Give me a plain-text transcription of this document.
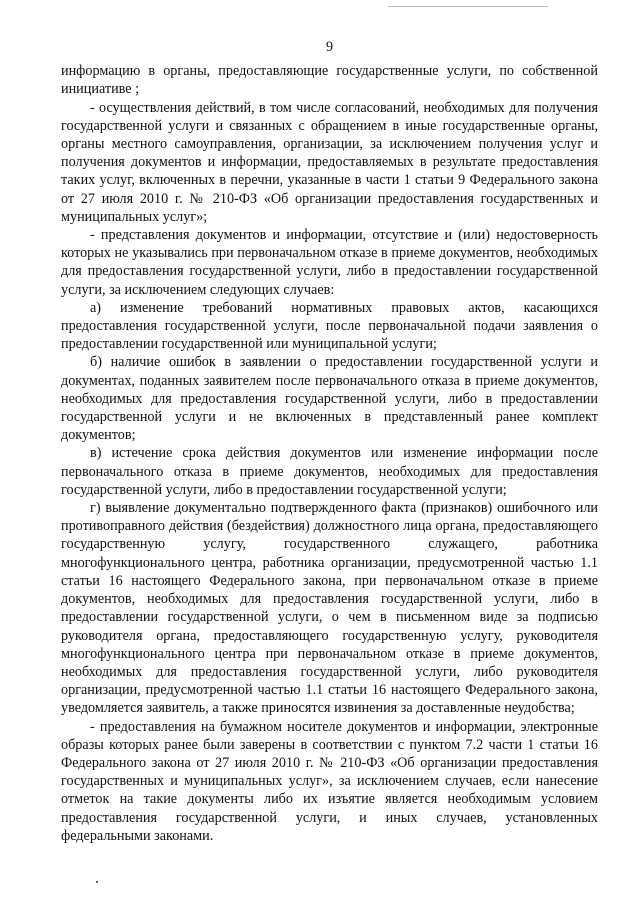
9

информацию в органы, предоставляющие государственные услуги, по собственной инициативе ;

- осуществления действий, в том числе согласований, необходимых для получения государственной услуги и связанных с обращением в иные государственные органы, органы местного самоуправления, организации, за исключением получения услуг и получения документов и информации, предоставляемых в результате предоставления таких услуг, включенных в перечни, указанные в части 1 статьи 9 Федерального закона от 27 июля 2010 г. № 210-ФЗ «Об организации предоставления государственных и муниципальных услуг»;

- представления документов и информации, отсутствие и (или) недостоверность которых не указывались при первоначальном отказе в приеме документов, необходимых для предоставления государственной услуги, либо в предоставлении государственной услуги, за исключением следующих случаев:

а) изменение требований нормативных правовых актов, касающихся предоставления государственной услуги, после первоначальной подачи заявления о предоставлении государственной или муниципальной услуги;

б) наличие ошибок в заявлении о предоставлении государственной услуги и документах, поданных заявителем после первоначального отказа в приеме документов, необходимых для предоставления государственной услуги, либо в предоставлении государственной услуги и не включенных в представленный ранее комплект документов;

в) истечение срока действия документов или изменение информации после первоначального отказа в приеме документов, необходимых для предоставления государственной услуги, либо в предоставлении государственной услуги;

г) выявление документально подтвержденного факта (признаков) ошибочного или противоправного действия (бездействия) должностного лица органа, предоставляющего государственную услугу, государственного служащего, работника многофункционального центра, работника организации, предусмотренной частью 1.1 статьи 16 настоящего Федерального закона, при первоначальном отказе в приеме документов, необходимых для предоставления государственной услуги, либо в предоставлении государственной услуги, о чем в письменном виде за подписью руководителя органа, предоставляющего государственную услугу, руководителя многофункционального центра при первоначальном отказе в приеме документов, необходимых для предоставления государственной услуги, либо руководителя организации, предусмотренной частью 1.1 статьи 16 настоящего Федерального закона, уведомляется заявитель, а также приносятся извинения за доставленные неудобства;

- предоставления на бумажном носителе документов и информации, электронные образы которых ранее были заверены в соответствии с пунктом 7.2 части 1 статьи 16 Федерального закона от 27 июля 2010 г. № 210-ФЗ «Об организации предоставления государственных и муниципальных услуг», за исключением случаев, если нанесение отметок на такие документы либо их изъятие является необходимым условием предоставления государственной услуги, и иных случаев, установленных федеральными законами.
